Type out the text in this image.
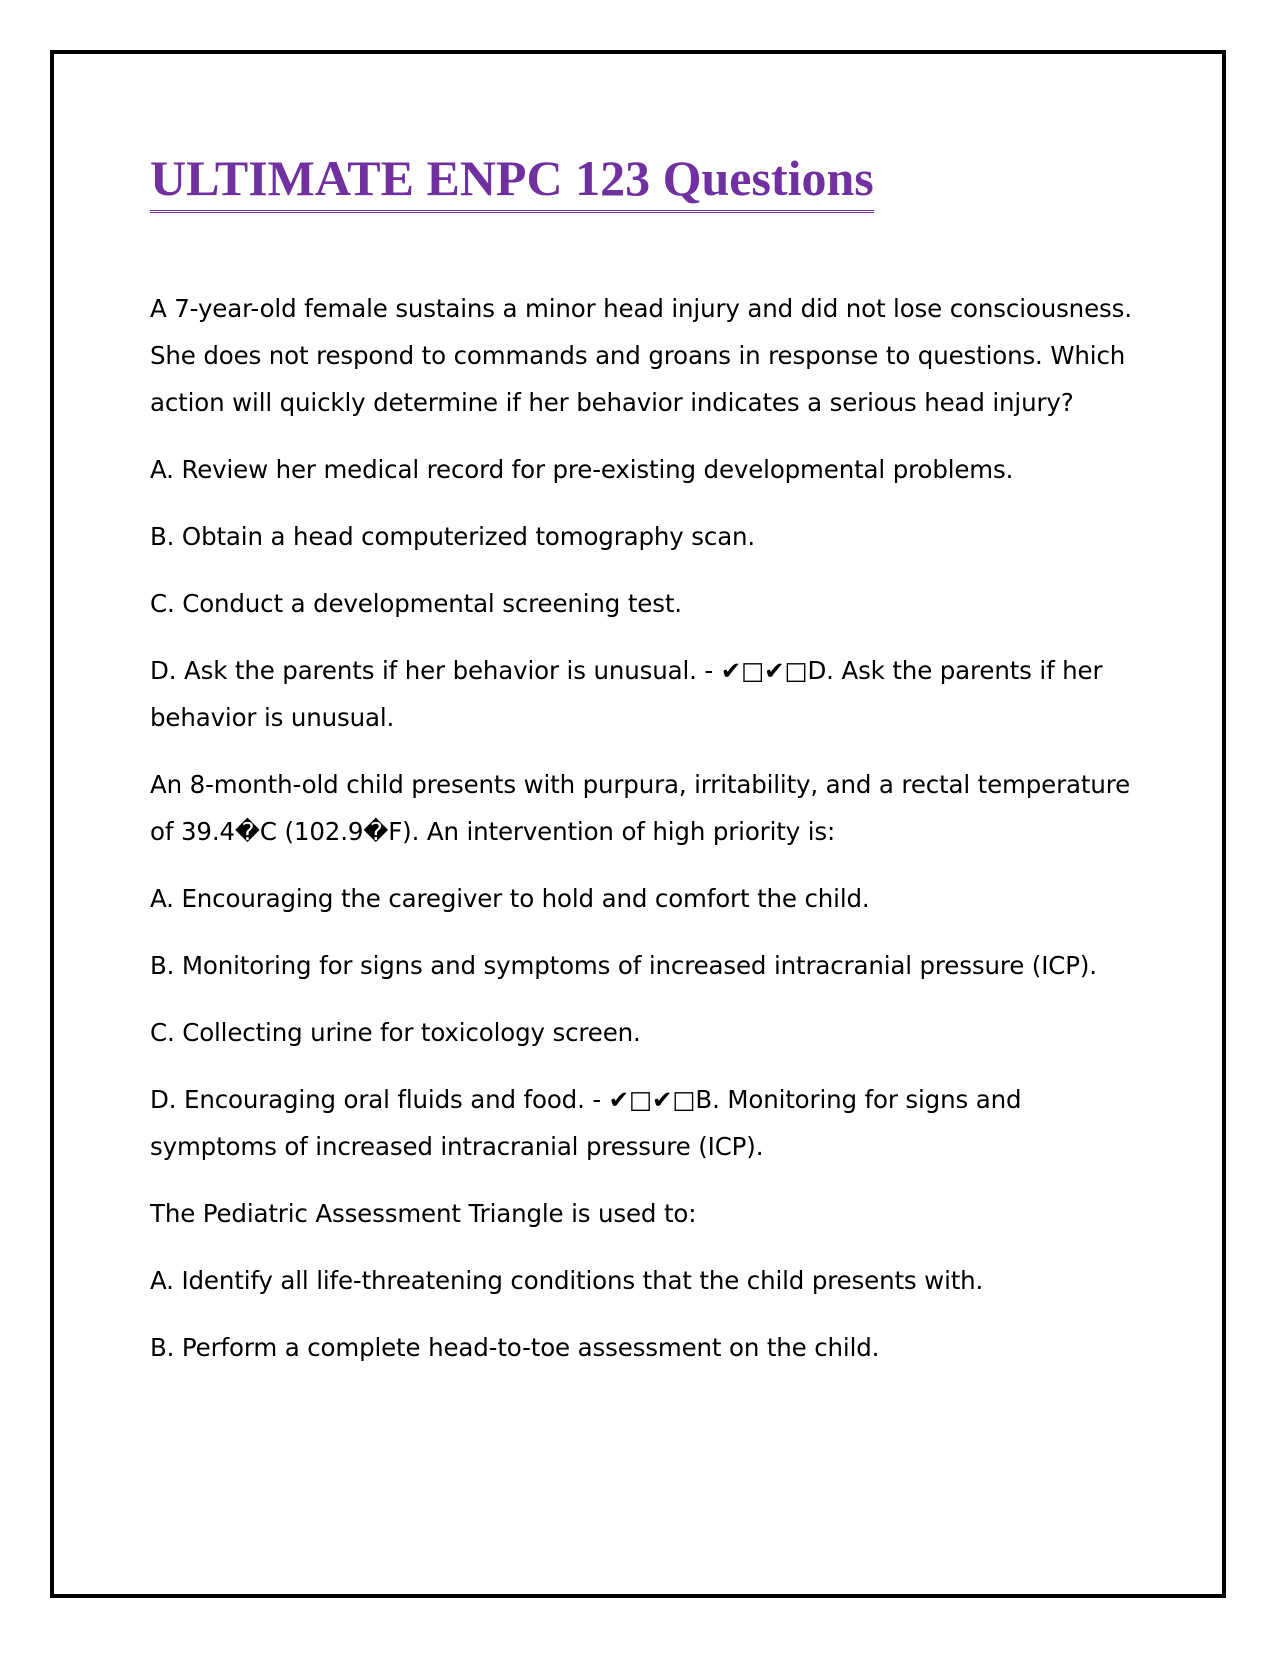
ULTIMATE ENPC 123 Questions

A 7-year-old female sustains a minor head injury and did not lose consciousness. She does not respond to commands and groans in response to questions. Which action will quickly determine if her behavior indicates a serious head injury?

A. Review her medical record for pre-existing developmental problems.

B. Obtain a head computerized tomography scan.

C. Conduct a developmental screening test.

D. Ask the parents if her behavior is unusual. - ✔□✔□D. Ask the parents if her behavior is unusual.

An 8-month-old child presents with purpura, irritability, and a rectal temperature of 39.4�C (102.9�F). An intervention of high priority is:

A. Encouraging the caregiver to hold and comfort the child.

B. Monitoring for signs and symptoms of increased intracranial pressure (ICP).

C. Collecting urine for toxicology screen.

D. Encouraging oral fluids and food. - ✔□✔□B. Monitoring for signs and symptoms of increased intracranial pressure (ICP).

The Pediatric Assessment Triangle is used to:

A. Identify all life-threatening conditions that the child presents with.

B. Perform a complete head-to-toe assessment on the child.
